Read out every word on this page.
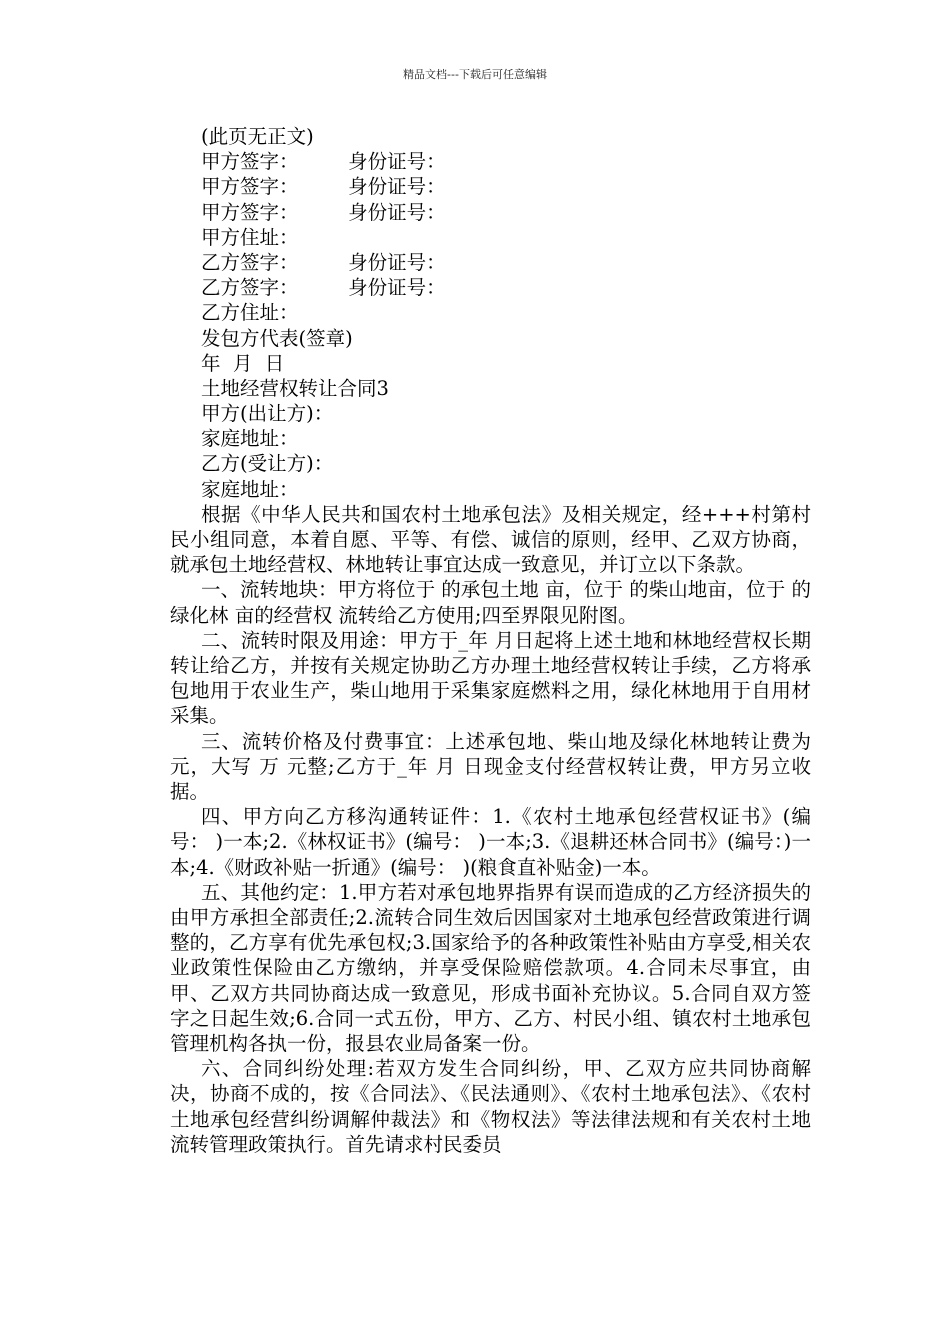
精品文档---下载后可任意编辑
(此页无正文)
甲方签字：        身份证号：
甲方签字：        身份证号：
甲方签字：        身份证号：
甲方住址：
乙方签字：        身份证号：
乙方签字：        身份证号：
乙方住址：
发包方代表(签章)
年  月  日
土地经营权转让合同3
甲方(出让方)：
家庭地址：
乙方(受让方)：
家庭地址：
根据《中华人民共和国农村土地承包法》及相关规定，经+++村第村民小组同意，本着自愿、平等、有偿、诚信的原则，经甲、乙双方协商，就承包土地经营权、林地转让事宜达成一致意见，并订立以下条款。
一、流转地块：甲方将位于 的承包土地 亩，位于 的柴山地亩，位于 的绿化林 亩的经营权 流转给乙方使用;四至界限见附图。
二、流转时限及用途：甲方于_年 月日起将上述土地和林地经营权长期转让给乙方，并按有关规定协助乙方办理土地经营权转让手续，乙方将承包地用于农业生产，柴山地用于采集家庭燃料之用，绿化林地用于自用材采集。
三、流转价格及付费事宜：上述承包地、柴山地及绿化林地转让费为 元，大写 万 元整;乙方于_年 月 日现金支付经营权转让费，甲方另立收据。
四、甲方向乙方移沟通转证件：1.《农村土地承包经营权证书》(编号： )一本;2.《林权证书》(编号： )一本;3.《退耕还林合同书》(编号：)一本;4.《财政补贴一折通》(编号： )(粮食直补贴金)一本。
五、其他约定：1.甲方若对承包地界指界有误而造成的乙方经济损失的由甲方承担全部责任;2.流转合同生效后因国家对土地承包经营政策进行调整的，乙方享有优先承包权;3.国家给予的各种政策性补贴由方享受,相关农业政策性保险由乙方缴纳，并享受保险赔偿款项。4.合同未尽事宜，由甲、乙双方共同协商达成一致意见，形成书面补充协议。5.合同自双方签字之日起生效;6.合同一式五份，甲方、乙方、村民小组、镇农村土地承包管理机构各执一份，报县农业局备案一份。
六、合同纠纷处理:若双方发生合同纠纷，甲、乙双方应共同协商解决，协商不成的，按《合同法》、《民法通则》、《农村土地承包法》、《农村土地承包经营纠纷调解仲裁法》和《物权法》等法律法规和有关农村土地流转管理政策执行。首先请求村民委员
